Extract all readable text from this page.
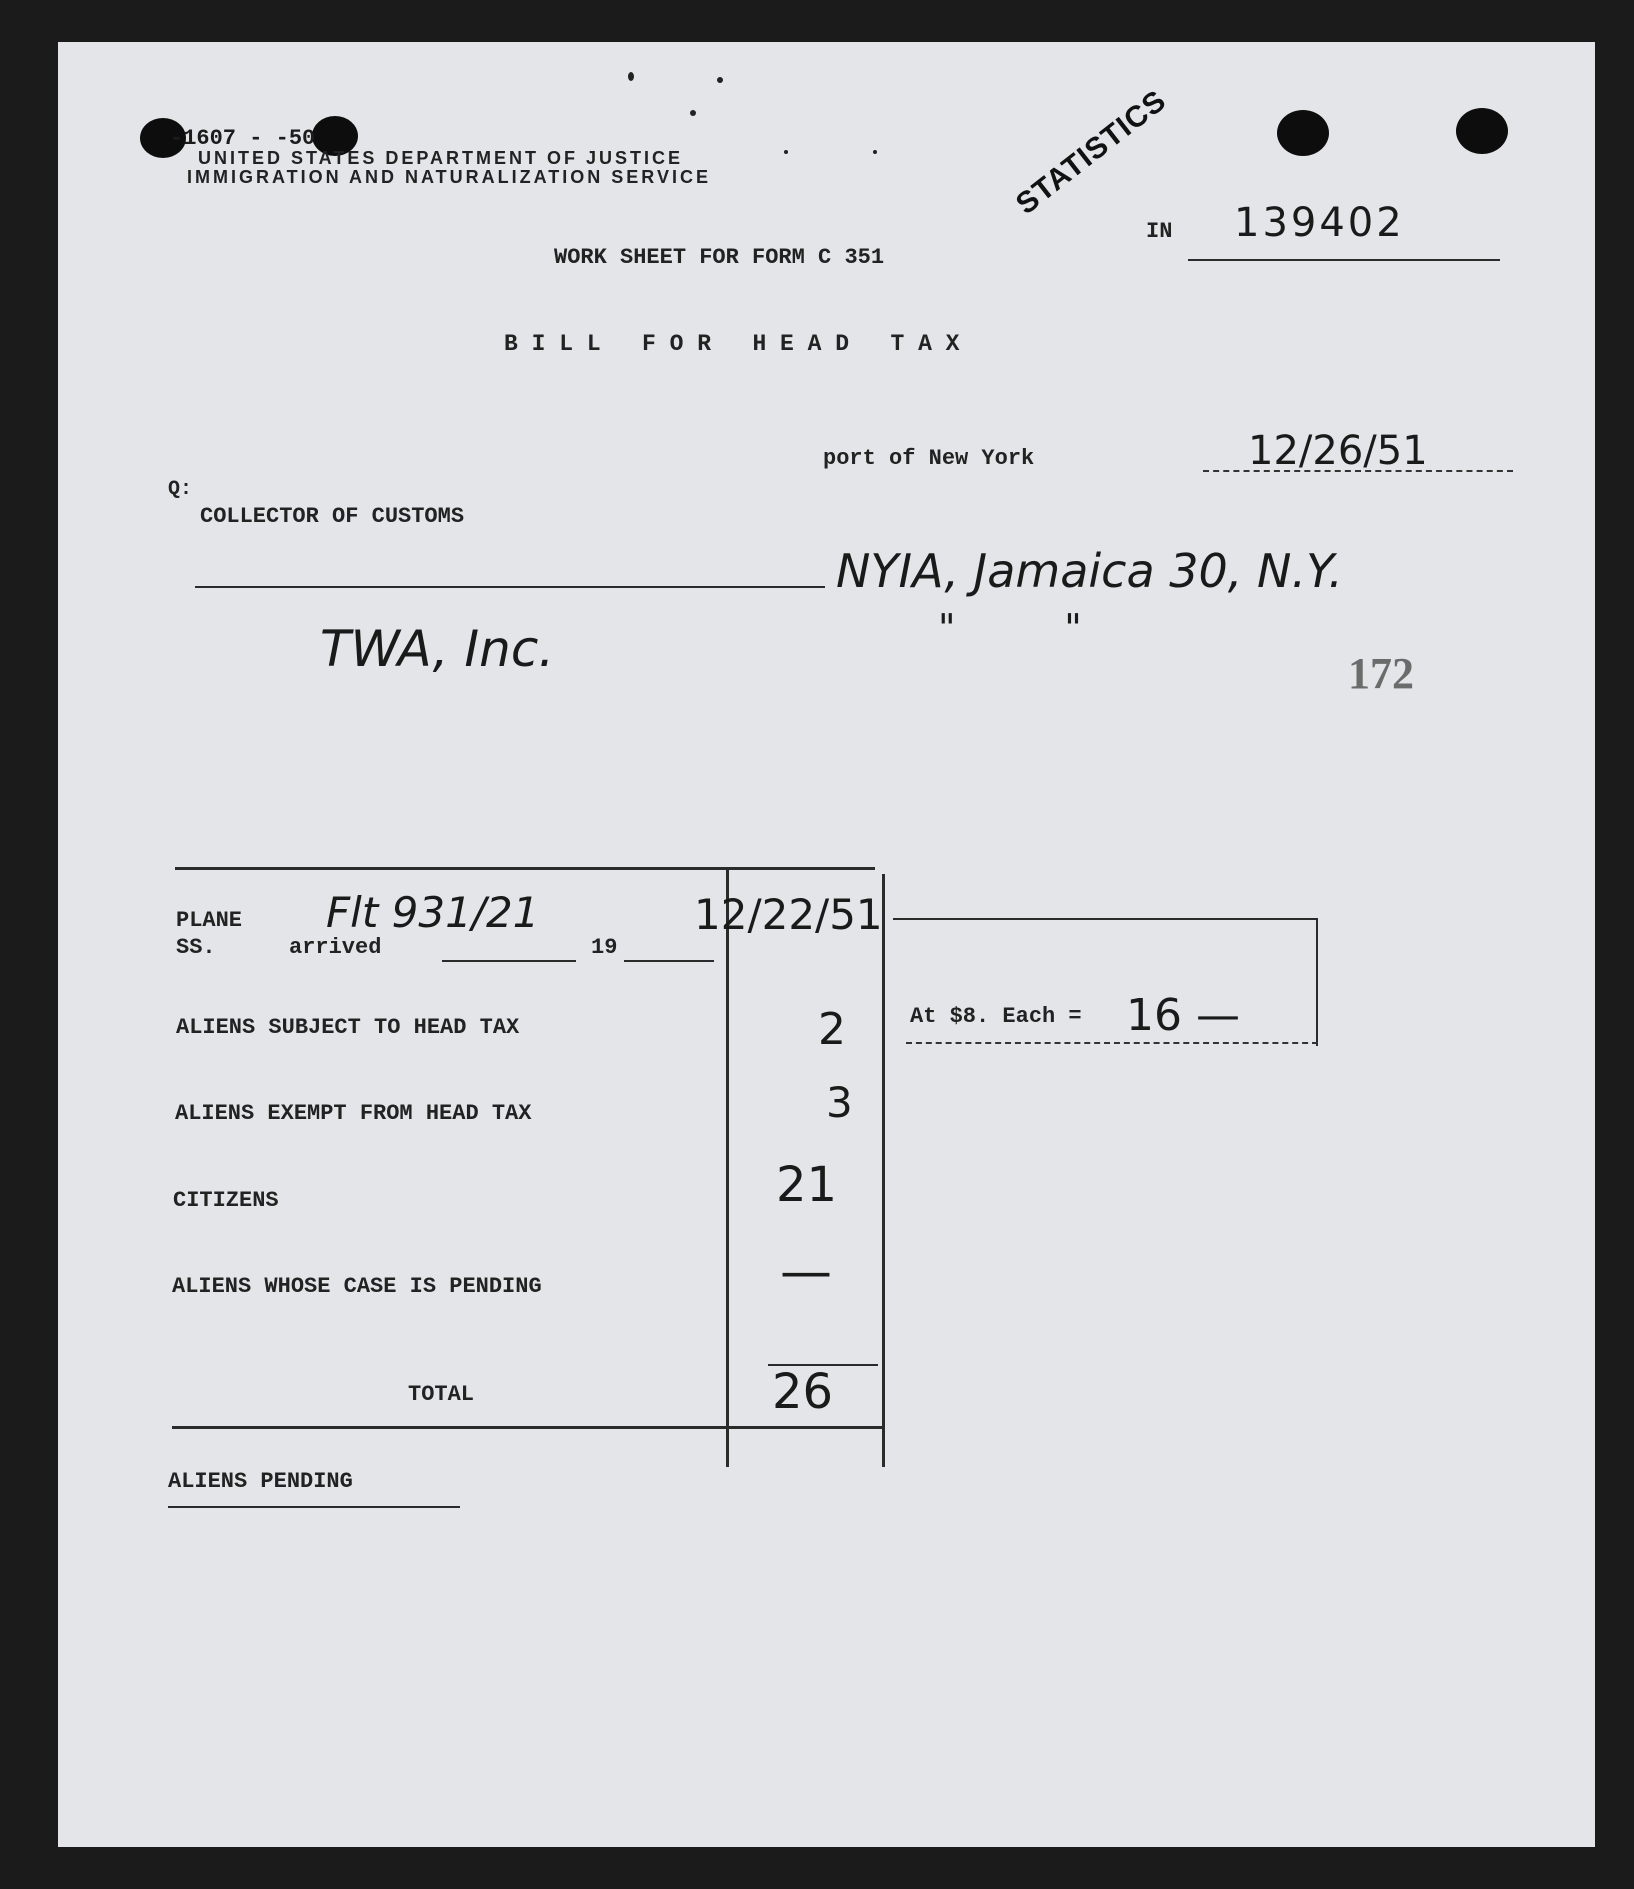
-1607 - -50
UNITED STATES DEPARTMENT OF JUSTICE
IMMIGRATION AND NATURALIZATION SERVICE	STATISTICS
IN 139402
WORK SHEET FOR FORM C 351
B I L L   F O R   H E A D   T A X
port of New York	12/26/51
Q:
COLLECTOR OF CUSTOMS
NYIA, Jamaica 30, N.Y.
"         "
TWA, Inc.	172
PLANE
SS.	arrived	19
Flt 931/21	12/22/51
ALIENS SUBJECT TO HEAD TAX	2
ALIENS EXEMPT FROM HEAD TAX	3
CITIZENS	21
ALIENS WHOSE CASE IS PENDING	—
TOTAL	26
At $8. Each = 16 —
ALIENS PENDING
